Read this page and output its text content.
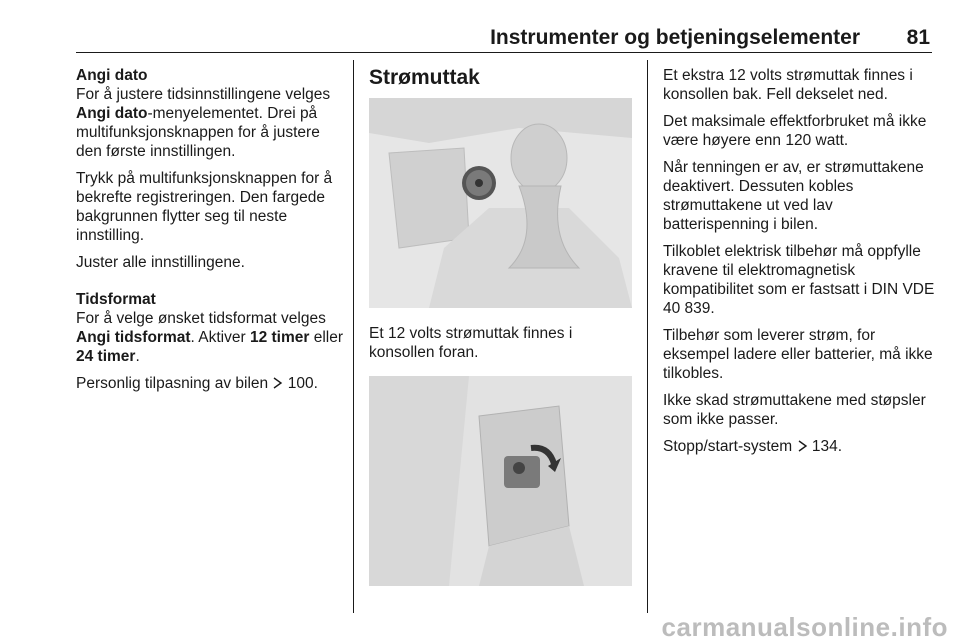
Instrumenter og betjeningselementer	81
Angi dato

For å justere tidsinnstillingene velges Angi dato-menyelementet. Drei på multifunksjonsknappen for å justere den første innstillingen.

Trykk på multifunksjonsknappen for å bekrefte registreringen. Den fargede bakgrunnen flytter seg til neste innstilling.

Juster alle innstillingene.

Tidsformat

For å velge ønsket tidsformat velges Angi tidsformat. Aktiver 12 timer eller 24 timer.

Personlig tilpasning av bilen  100.

Strømuttak

Et 12 volts strømuttak finnes i konsollen foran.

Et ekstra 12 volts strømuttak finnes i konsollen bak. Fell dekselet ned.

Det maksimale effektforbruket må ikke være høyere enn 120 watt.

Når tenningen er av, er strømuttakene deaktivert. Dessuten kobles strømuttakene ut ved lav batterispenning i bilen.

Tilkoblet elektrisk tilbehør må oppfylle kravene til elektromagnetisk kompatibilitet som er fastsatt i DIN VDE 40 839.

Tilbehør som leverer strøm, for eksempel ladere eller batterier, må ikke tilkobles.

Ikke skad strømuttakene med støpsler som ikke passer.

Stopp/start-system  134.

carmanualsonline.info
